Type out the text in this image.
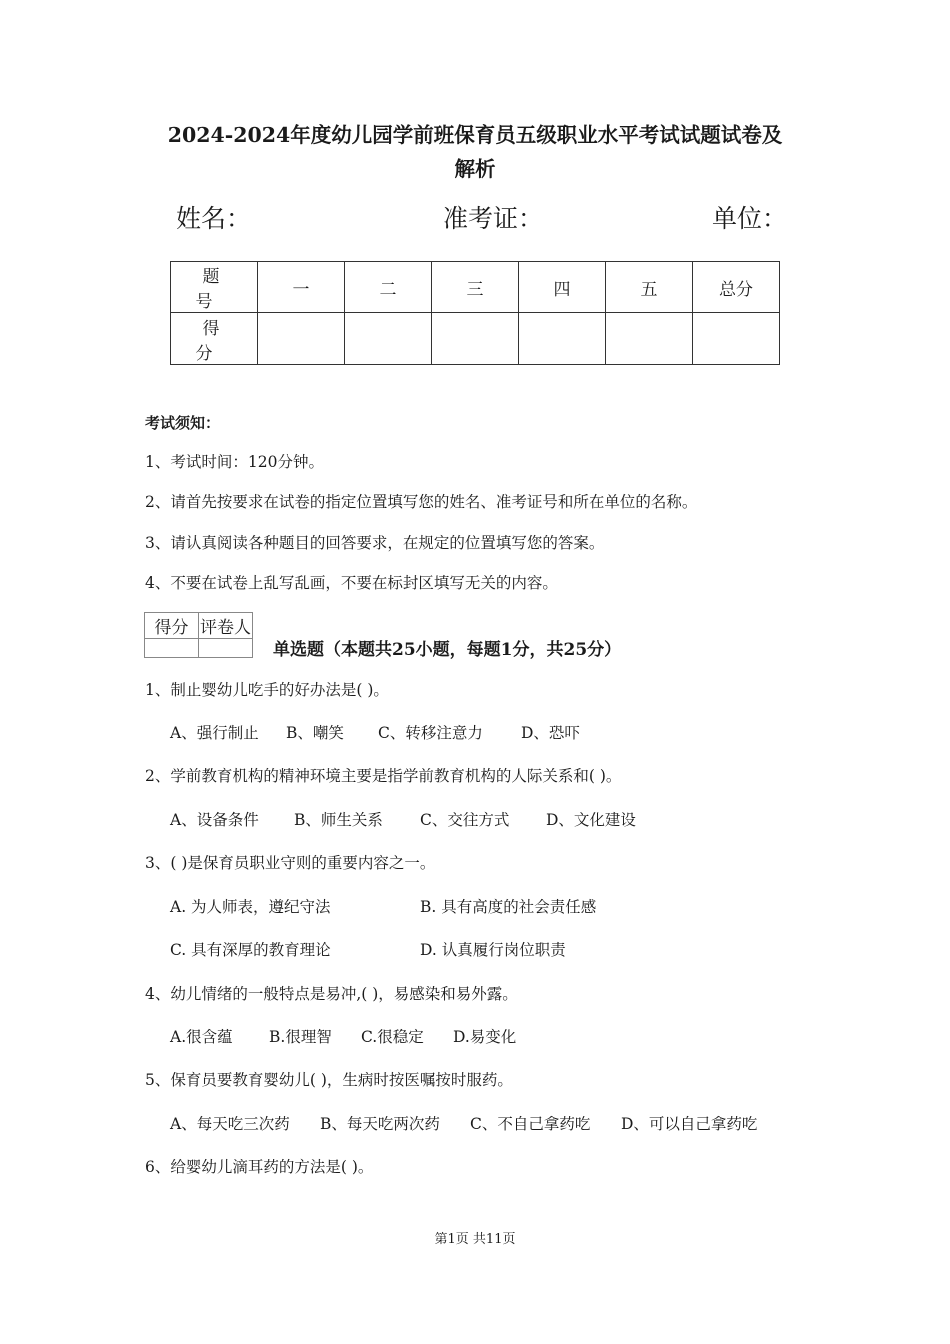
2024-2024年度幼儿园学前班保育员五级职业水平考试试题试卷及
解析
姓名：	准考证：	单位：
题 号	一	二	三	四	五	总分
得 分						
考试须知：
1、考试时间：120分钟。
2、请首先按要求在试卷的指定位置填写您的姓名、准考证号和所在单位的名称。
3、请认真阅读各种题目的回答要求，在规定的位置填写您的答案。
4、不要在试卷上乱写乱画，不要在标封区填写无关的内容。
得分	评卷人

单选题（本题共25小题，每题1分，共25分）
1、制止婴幼儿吃手的好办法是( )。
A、强行制止 B、嘲笑 C、转移注意力 D、恐吓
2、学前教育机构的精神环境主要是指学前教育机构的人际关系和( )。
A、设备条件 B、师生关系 C、交往方式 D、文化建设
3、( )是保育员职业守则的重要内容之一。
A. 为人师表，遵纪守法	B. 具有高度的社会责任感
C. 具有深厚的教育理论	D. 认真履行岗位职责
4、幼儿情绪的一般特点是易冲,( )，易感染和易外露。
A.很含蕴 B.很理智 C.很稳定 D.易变化
5、保育员要教育婴幼儿( )，生病时按医嘱按时服药。
A、每天吃三次药 B、每天吃两次药 C、不自己拿药吃 D、可以自己拿药吃
6、给婴幼儿滴耳药的方法是( )。
第1页 共11页
